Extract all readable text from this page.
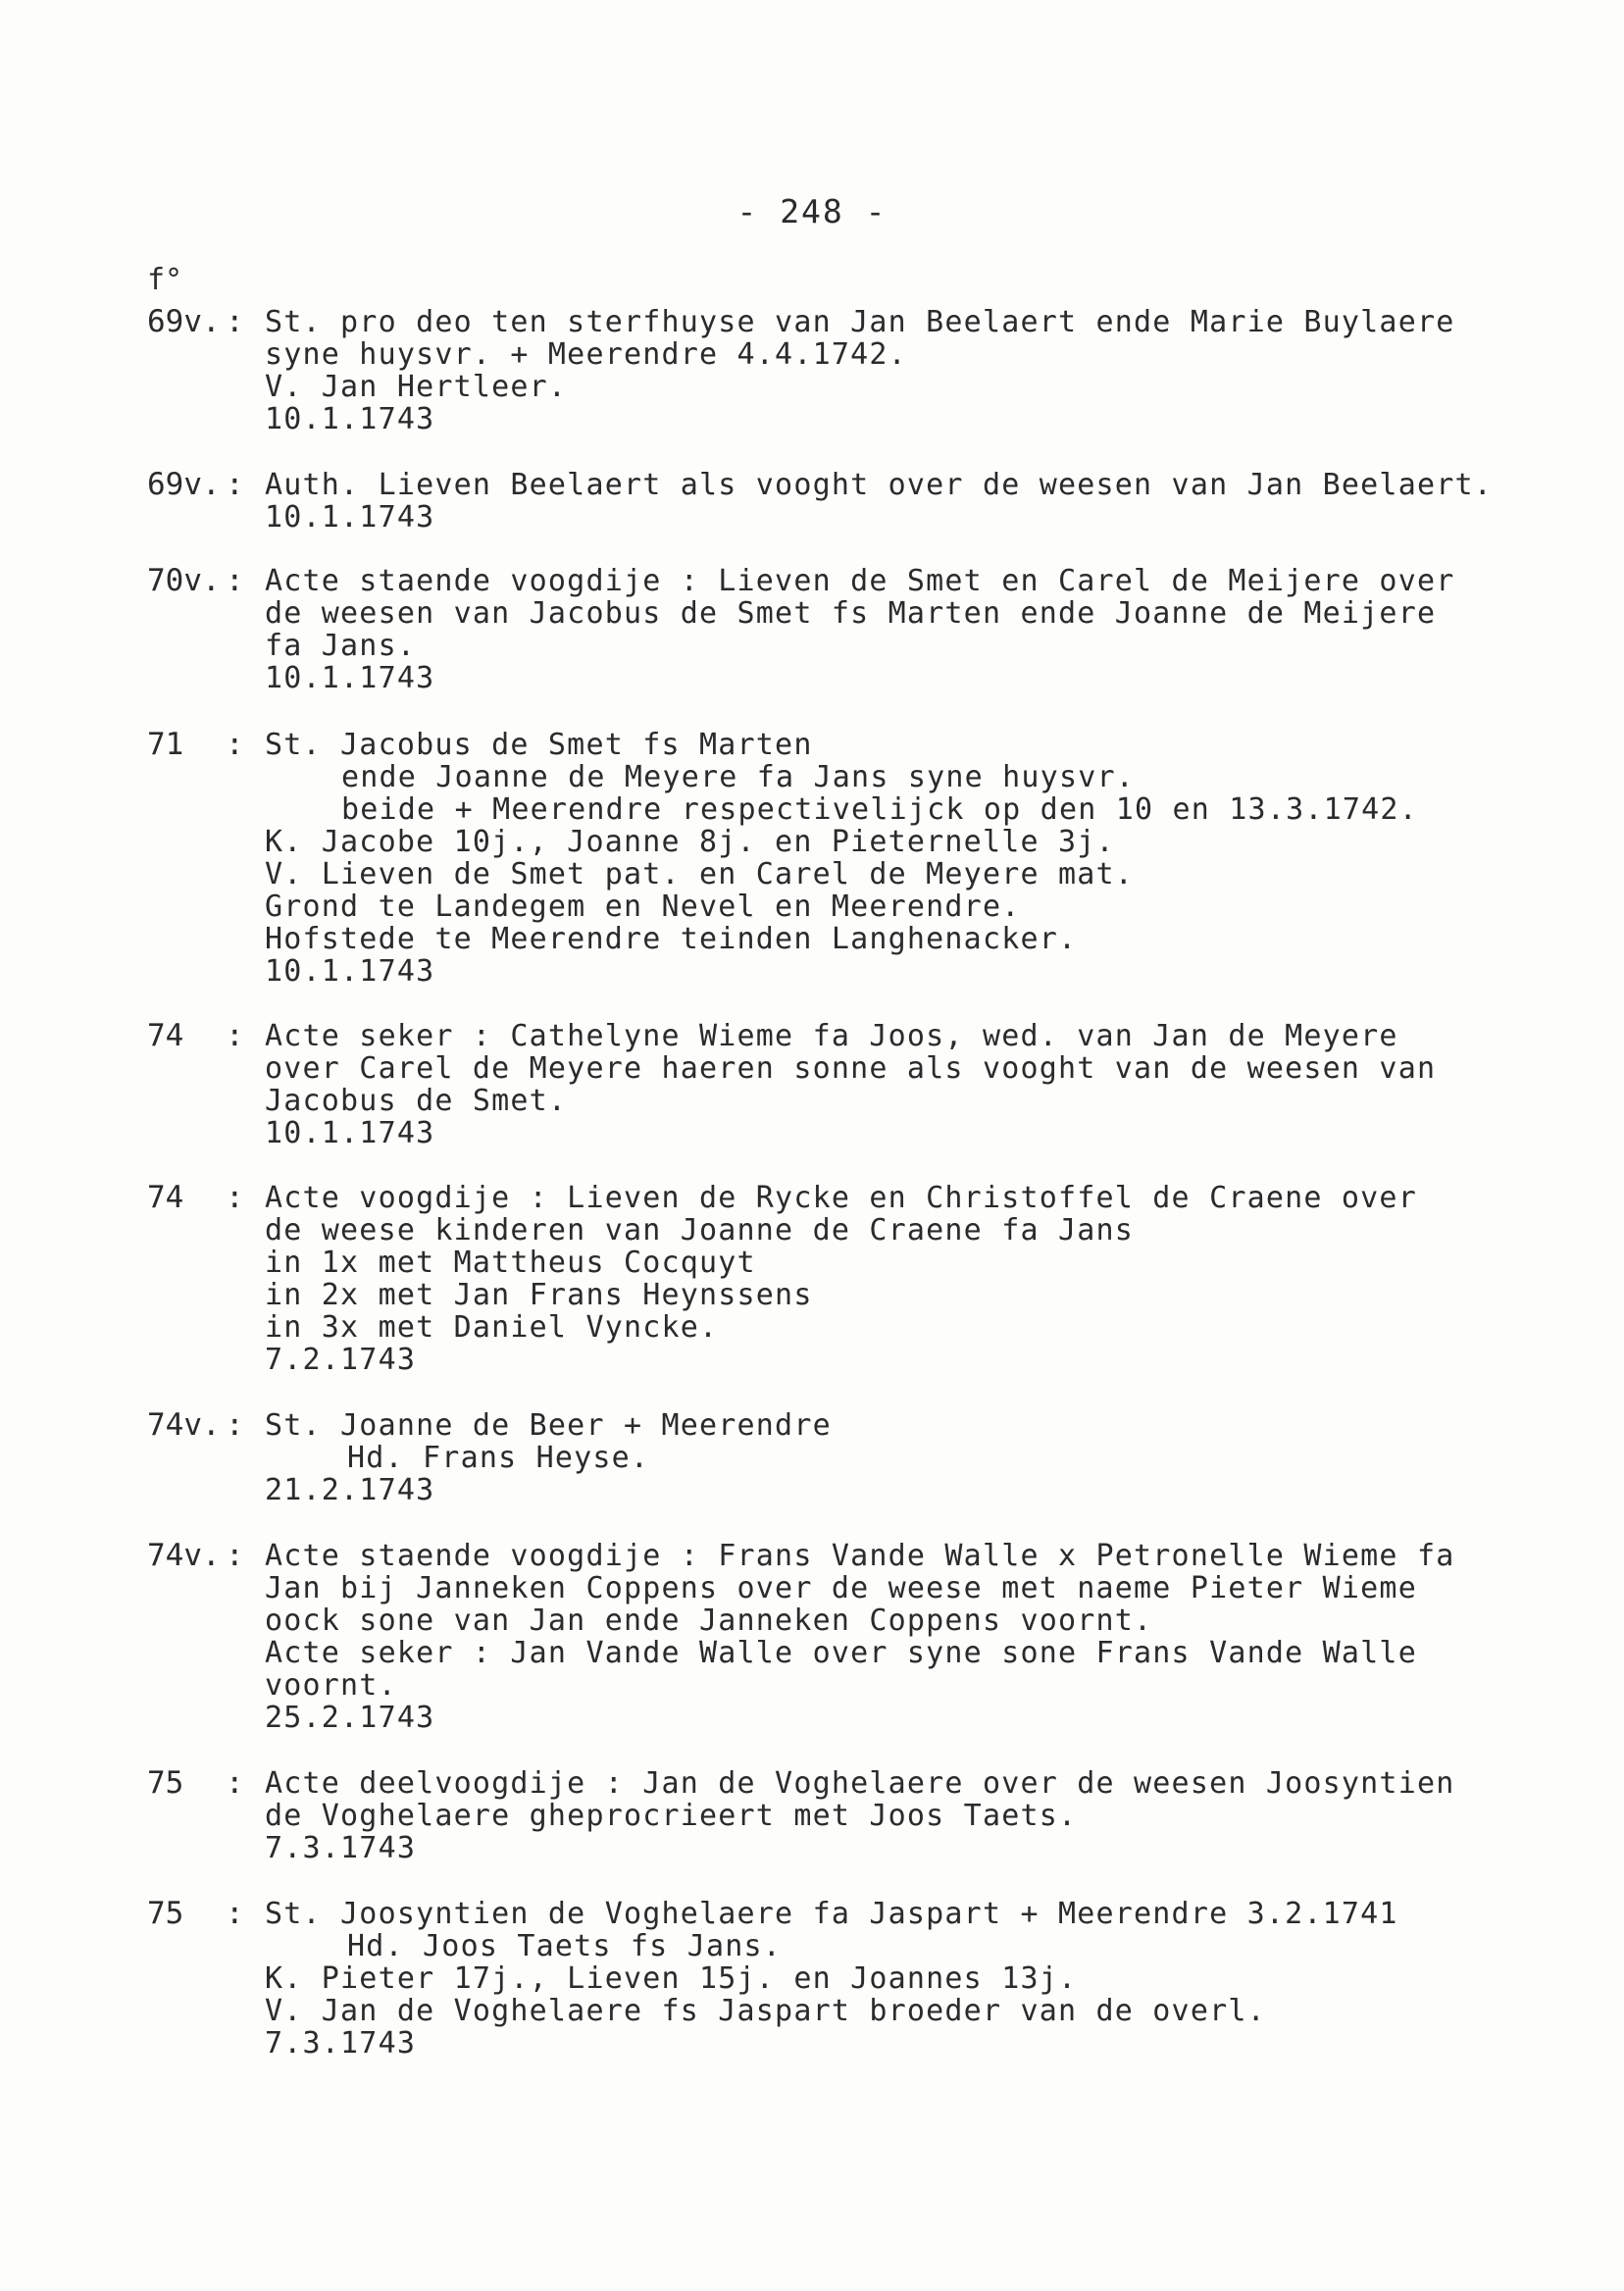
- 248 -
f°
69v. : St. pro deo ten sterfhuyse van Jan Beelaert ende Marie Buylaere
syne huysvr. + Meerendre 4.4.1742.
V. Jan Hertleer.
10.1.1743
69v. : Auth. Lieven Beelaert als vooght over de weesen van Jan Beelaert.
10.1.1743
70v. : Acte staende voogdije : Lieven de Smet en Carel de Meijere over
de weesen van Jacobus de Smet fs Marten ende Joanne de Meijere
fa Jans.
10.1.1743
71 : St. Jacobus de Smet fs Marten
ende Joanne de Meyere fa Jans syne huysvr.
beide + Meerendre respectivelijck op den 10 en 13.3.1742.
K. Jacobe 10j., Joanne 8j. en Pieternelle 3j.
V. Lieven de Smet pat. en Carel de Meyere mat.
Grond te Landegem en Nevel en Meerendre.
Hofstede te Meerendre teinden Langhenacker.
10.1.1743
74 : Acte seker : Cathelyne Wieme fa Joos, wed. van Jan de Meyere
over Carel de Meyere haeren sonne als vooght van de weesen van
Jacobus de Smet.
10.1.1743
74 : Acte voogdije : Lieven de Rycke en Christoffel de Craene over
de weese kinderen van Joanne de Craene fa Jans
in 1x met Mattheus Cocquyt
in 2x met Jan Frans Heynssens
in 3x met Daniel Vyncke.
7.2.1743
74v. : St. Joanne de Beer + Meerendre
Hd. Frans Heyse.
21.2.1743
74v. : Acte staende voogdije : Frans Vande Walle x Petronelle Wieme fa
Jan bij Janneken Coppens over de weese met naeme Pieter Wieme
oock sone van Jan ende Janneken Coppens voornt.
Acte seker : Jan Vande Walle over syne sone Frans Vande Walle
voornt.
25.2.1743
75 : Acte deelvoogdije : Jan de Voghelaere over de weesen Joosyntien
de Voghelaere gheprocrieert met Joos Taets.
7.3.1743
75 : St. Joosyntien de Voghelaere fa Jaspart + Meerendre 3.2.1741
Hd. Joos Taets fs Jans.
K. Pieter 17j., Lieven 15j. en Joannes 13j.
V. Jan de Voghelaere fs Jaspart broeder van de overl.
7.3.1743
